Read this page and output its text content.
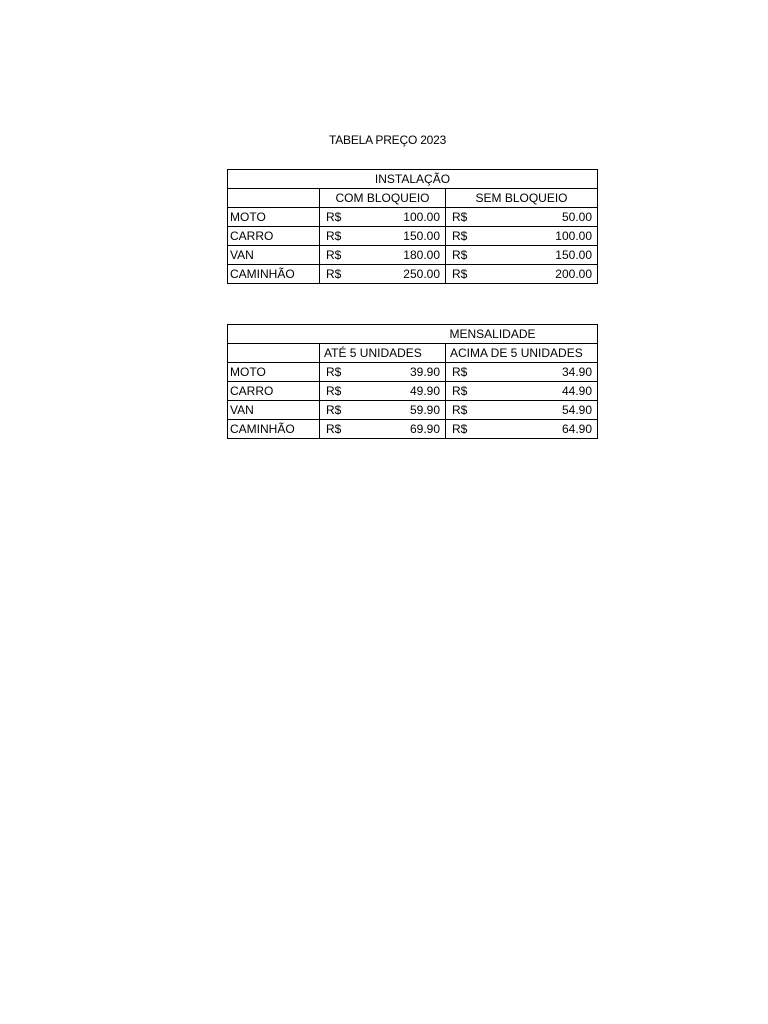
TABELA PREÇO 2023
INSTALAÇÃO		
	COM BLOQUEIO	SEM BLOQUEIO
MOTO	R$ 100.00	R$ 50.00

CARRO	R$ 150.00	R$ 100.00

VAN	R$ 180.00	R$ 150.00

CAMINHÃO	R$ 250.00	R$ 200.00
		MENSALIDADE
	ATÉ 5 UNIDADES	ACIMA DE 5 UNIDADES
MOTO	R$ 39.90	R$ 34.90

CARRO	R$ 49.90	R$ 44.90

VAN	R$ 59.90	R$ 54.90

CAMINHÃO	R$ 69.90	R$ 64.90
